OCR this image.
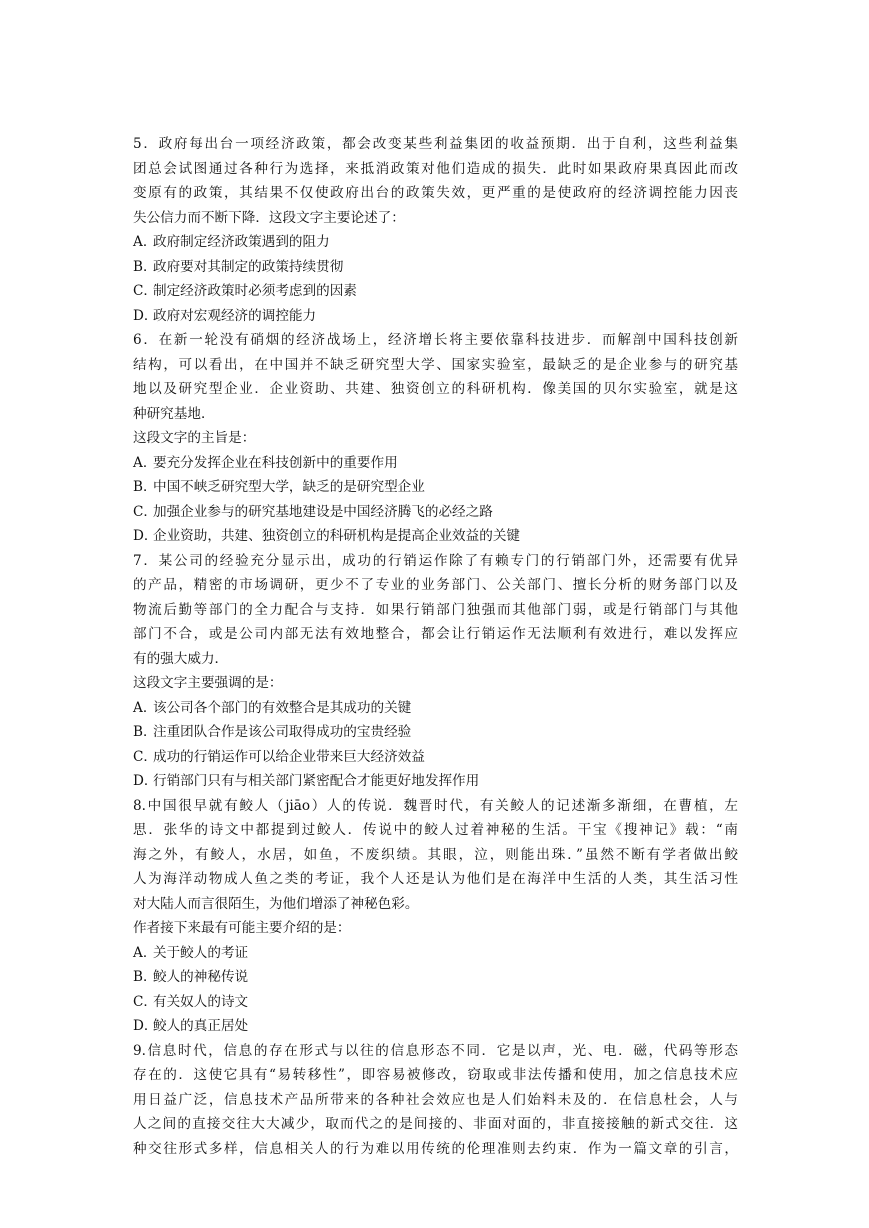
5．政府每出台一项经济政策，都会改变某些利益集团的收益预期．出于自利，这些利益集
团总会试图通过各种行为选择，来抵消政策对他们造成的损失．此时如果政府果真因此而改
变原有的政策，其结果不仅使政府出台的政策失效，更严重的是使政府的经济调控能力因丧
失公信力而不断下降．这段文字主要论述了：
A．政府制定经济政策遇到的阻力
B．政府要对其制定的政策持续贯彻
C．制定经济政策时必须考虑到的因素
D．政府对宏观经济的调控能力
6．在新一轮没有硝烟的经济战场上，经济增长将主要依靠科技进步．而解剖中国科技创新
结构，可以看出，在中国并不缺乏研究型大学、国家实验室，最缺乏的是企业参与的研究基
地以及研究型企业．企业资助、共建、独资创立的科研机构．像美国的贝尔实验室，就是这
种研究基地．
这段文字的主旨是：
A．要充分发挥企业在科技创新中的重要作用
B．中国不峡乏研究型大学，缺乏的是研究型企业
C．加强企业参与的研究基地建设是中国经济腾飞的必经之路
D．企业资助，共建、独资创立的科研机构是提高企业效益的关键
7．某公司的经验充分显示出，成功的行销运作除了有赖专门的行销部门外，还需要有优异
的产品，精密的市场调研，更少不了专业的业务部门、公关部门、擅长分析的财务部门以及
物流后勤等部门的全力配合与支持．如果行销部门独强而其他部门弱，或是行销部门与其他
部门不合，或是公司内部无法有效地整合，都会让行销运作无法顺利有效进行，难以发挥应
有的强大威力．
这段文字主要强调的是：
A．该公司各个部门的有效整合是其成功的关键
B．注重团队合作是该公司取得成功的宝贵经验
C．成功的行销运作可以给企业带来巨大经济效益
D．行销部门只有与相关部门紧密配合才能更好地发挥作用
8.中国很早就有鲛人（jiāo）人的传说．魏晋时代，有关鲛人的记述渐多渐细，在曹植，左
思．张华的诗文中都提到过鲛人．传说中的鲛人过着神秘的生活。干宝《搜神记》载：“南
海之外，有鲛人，水居，如鱼，不废织绩。其眼，泣，则能出珠．”虽然不断有学者做出鲛
人为海洋动物成人鱼之类的考证，我个人还是认为他们是在海洋中生活的人类，其生活习性
对大陆人而言很陌生，为他们增添了神秘色彩。
作者接下来最有可能主要介绍的是：
A．关于鲛人的考证
B．鲛人的神秘传说
C．有关奴人的诗文
D．鲛人的真正居处
9.信息时代，信息的存在形式与以往的信息形态不同．它是以声，光、电．磁，代码等形态
存在的．这使它具有“易转移性”，即容易被修改，窃取或非法传播和使用，加之信息技术应
用日益广泛，信息技术产品所带来的各种社会效应也是人们始料未及的．在信息杜会，人与
人之间的直接交往大大减少，取而代之的是间接的、非面对面的，非直接接触的新式交往．这
种交往形式多样，信息相关人的行为难以用传统的伦理准则去约束．作为一篇文章的引言，
